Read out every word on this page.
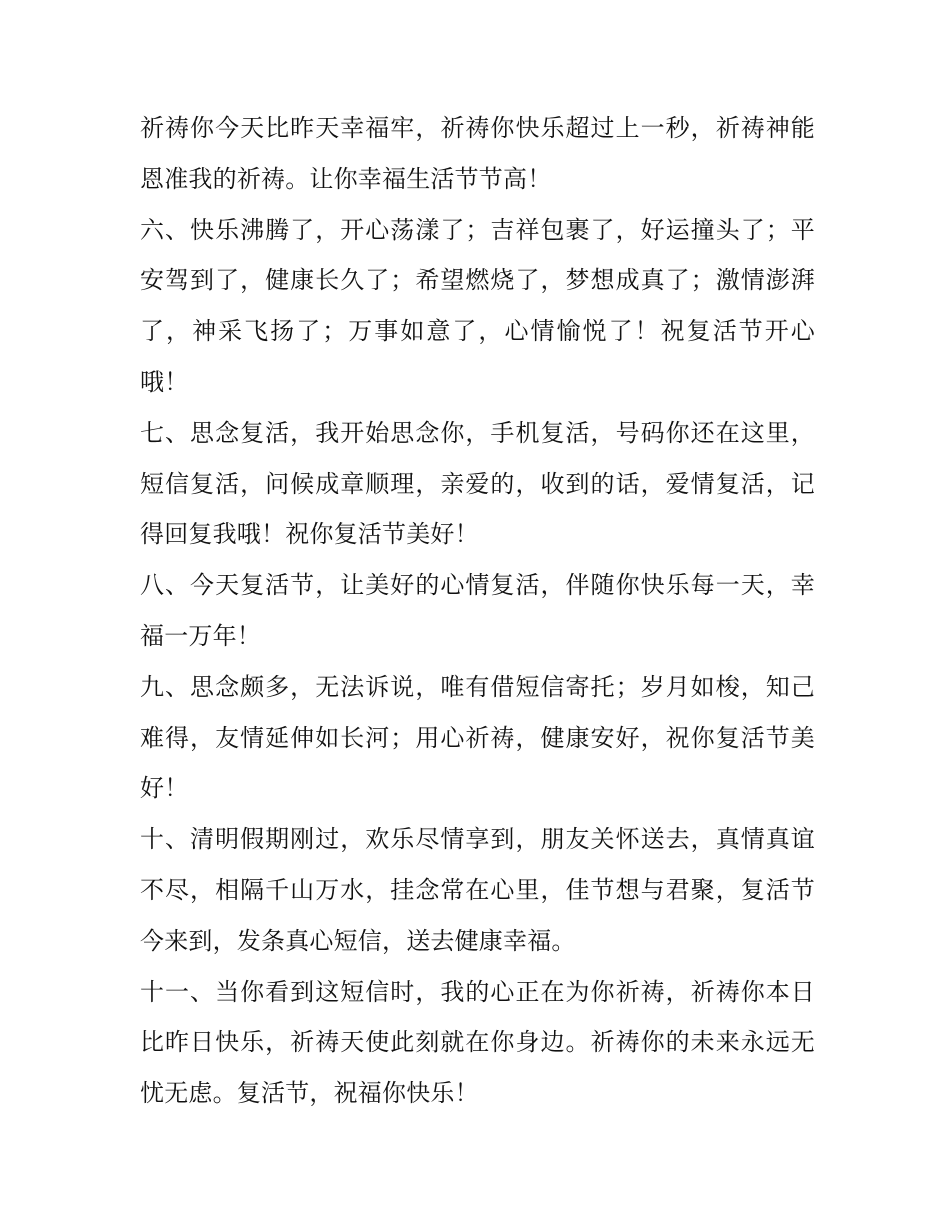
祈祷你今天比昨天幸福牢，祈祷你快乐超过上一秒，祈祷神能恩准我的祈祷。让你幸福生活节节高！

六、快乐沸腾了，开心荡漾了；吉祥包裹了，好运撞头了；平安驾到了，健康长久了；希望燃烧了，梦想成真了；激情澎湃了，神采飞扬了；万事如意了，心情愉悦了！祝复活节开心哦！

七、思念复活，我开始思念你，手机复活，号码你还在这里，短信复活，问候成章顺理，亲爱的，收到的话，爱情复活，记得回复我哦！祝你复活节美好！

八、今天复活节，让美好的心情复活，伴随你快乐每一天，幸福一万年！

九、思念颇多，无法诉说，唯有借短信寄托；岁月如梭，知己难得，友情延伸如长河；用心祈祷，健康安好，祝你复活节美好！

十、清明假期刚过，欢乐尽情享到，朋友关怀送去，真情真谊不尽，相隔千山万水，挂念常在心里，佳节想与君聚，复活节今来到，发条真心短信，送去健康幸福。

十一、当你看到这短信时，我的心正在为你祈祷，祈祷你本日比昨日快乐，祈祷天使此刻就在你身边。祈祷你的未来永远无忧无虑。复活节，祝福你快乐！
